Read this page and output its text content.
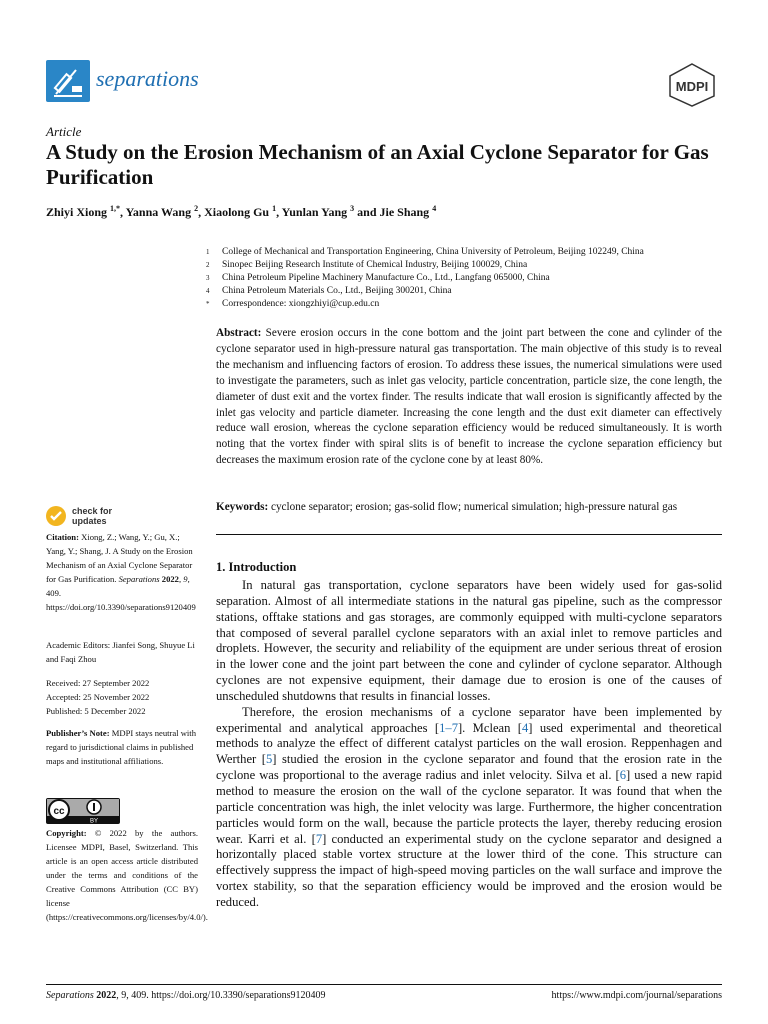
separations	MDPI
Article
A Study on the Erosion Mechanism of an Axial Cyclone Separator for Gas Purification
Zhiyi Xiong $^{1,*}$, Yanna Wang $^2$, Xiaolong Gu $^1$, Yunlan Yang $^3$ and Jie Shang $^4$
1	College of Mechanical and Transportation Engineering, China University of Petroleum, Beijing 102249, China
2	Sinopec Beijing Research Institute of Chemical Industry, Beijing 100029, China
3	China Petroleum Pipeline Machinery Manufacture Co., Ltd., Langfang 065000, China
4	China Petroleum Materials Co., Ltd., Beijing 300201, China
*	Correspondence: xiongzhiyi@cup.edu.cn

Abstract: Severe erosion occurs in the cone bottom and the joint part between the cone and cylinder of the cyclone separator used in high-pressure natural gas transportation. The main objective of this study is to reveal the mechanism and influencing factors of erosion. To address these issues, the numerical simulations were used to investigate the parameters, such as inlet gas velocity, particle concentration, particle size, the cone length, the diameter of dust exit and the vortex finder. The results indicate that wall erosion is significantly affected by the inlet gas velocity and particle diameter. Increasing the cone length and the dust exit diameter can effectively reduce wall erosion, whereas the cyclone separation efficiency would be reduced simultaneously. It is worth noting that the vortex finder with spiral slits is of benefit to increase the cyclone separation efficiency but decreases the maximum erosion rate of the cyclone cone by at least 80%.

Keywords: cyclone separator; erosion; gas-solid flow; numerical simulation; high-pressure natural gas

1. Introduction

In natural gas transportation, cyclone separators have been widely used for gas-solid separation. Almost of all intermediate stations in the natural gas pipeline, such as the compressor stations, offtake stations and gas storages, are commonly equipped with multi-cyclone separators that composed of several parallel cyclone separators with an axial inlet to remove particles and droplets. However, the security and reliability of the equipment are under serious threat of erosion in the lower cone and the joint part between the cone and cylinder of cyclone separator. Although cyclones are not expensive equipment, their damage due to erosion is one of the causes of unscheduled shutdowns that results in financial losses.

Therefore, the erosion mechanisms of a cyclone separator have been implemented by experimental and analytical approaches [1–7]. Mclean [4] used experimental and theoretical methods to analyze the effect of different catalyst particles on the wall erosion. Reppenhagen and Werther [5] studied the erosion in the cyclone separator and found that the erosion rate in the cyclone was proportional to the average radius and inlet velocity. Silva et al. [6] used a new rapid method to measure the erosion on the wall of the cyclone separator. It was found that when the particle concentration was high, the inlet velocity was large. Furthermore, the higher concentration particles would form on the wall, because the particle protects the layer, thereby reducing erosion wear. Karri et al. [7] conducted an experimental study on the cyclone separator and designed a horizontally placed stable vortex structure at the lower third of the cone. This structure can effectively suppress the impact of high-speed moving particles on the wall surface and improve the vortex stability, so that the separation efficiency would be improved and the erosion would be reduced.

check for
updates
Citation: Xiong, Z.; Wang, Y.; Gu, X.; Yang, Y.; Shang, J. A Study on the Erosion Mechanism of an Axial Cyclone Separator for Gas Purification. Separations 2022, 9, 409. https://doi.org/10.3390/separations9120409
Academic Editors: Jianfei Song, Shuyue Li and Faqi Zhou
Received: 27 September 2022
Accepted: 25 November 2022
Published: 5 December 2022
Publisher’s Note: MDPI stays neutral with regard to jurisdictional claims in published maps and institutional affiliations.
cc
BY
Copyright: © 2022 by the authors. Licensee MDPI, Basel, Switzerland. This article is an open access article distributed under the terms and conditions of the Creative Commons Attribution (CC BY) license (https://creativecommons.org/licenses/by/4.0/).
Separations 2022, 9, 409. https://doi.org/10.3390/separations9120409	https://www.mdpi.com/journal/separations
